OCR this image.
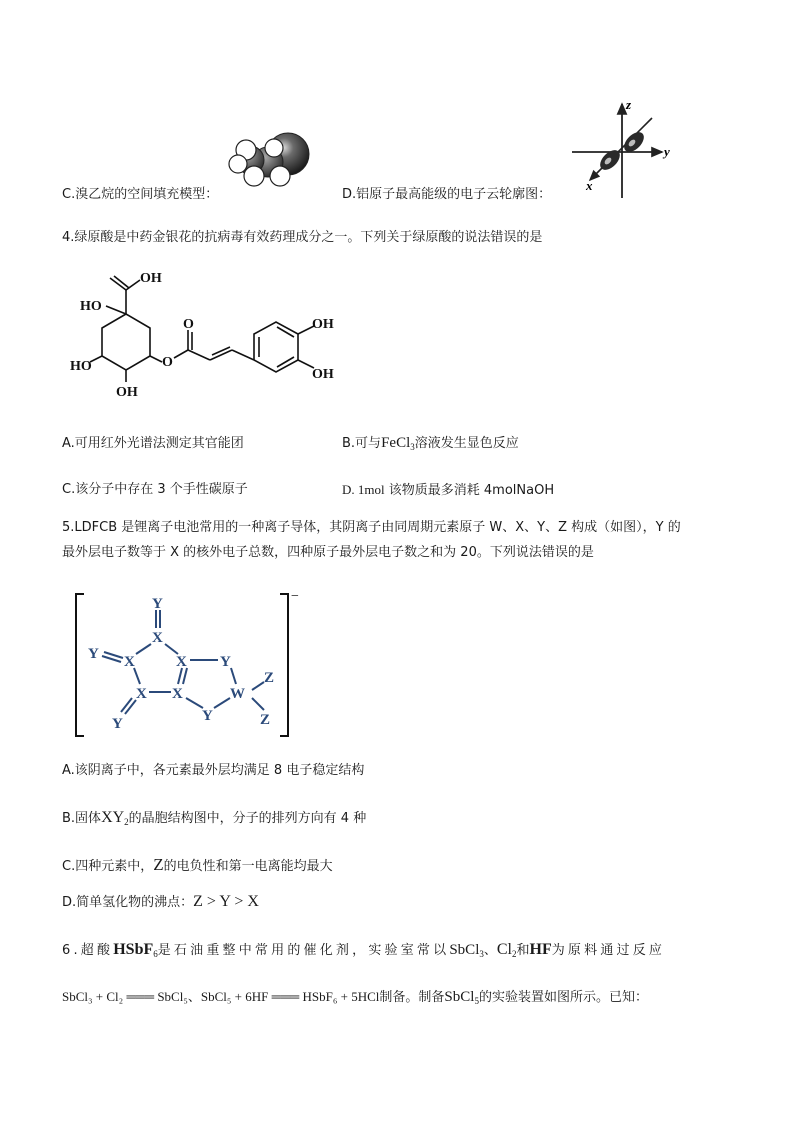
C.溴乙烷的空间填充模型：	D.铝原子最高能级的电子云轮廓图：
z
y
x
4.绿原酸是中药金银花的抗病毒有效药理成分之一。下列关于绿原酸的说法错误的是
OH
HO
HO
OH
O
O	OH
OH
A.可用红外光谱法测定其官能团	B.可与FeCl$_3$溶液发生显色反应
C.该分子中存在 3 个手性碳原子	D. 1mol 该物质最多消耗 4molNaOH
5.LDFCB 是锂离子电池常用的一种离子导体，其阴离子由同周期元素原子 W、X、Y、Z 构成（如图），Y 的
最外层电子数等于 X 的核外电子总数，四种原子最外层电子数之和为 20。下列说法错误的是
−
Y
X
Y X	X Y
X X	W
Z
Z
Y
Y
A.该阴离子中，各元素最外层均满足 8 电子稳定结构
B.固体$XY_2$的晶胞结构图中，分子的排列方向有 4 种
C.四种元素中，Z的电负性和第一电离能均最大
D.简单氢化物的沸点：Z > Y > X
6.超酸HSbF$_6$是石油重整中常用的催化剂，实验室常以SbCl$_3$、$Cl_2$和HF为原料通过反应
SbCl₃ + Cl₂ ═══ SbCl₅、SbCl₅ + 6HF ═══ HSbF₆ + 5HCl制备。制备SbCl$_5$的实验装置如图所示。已知：
